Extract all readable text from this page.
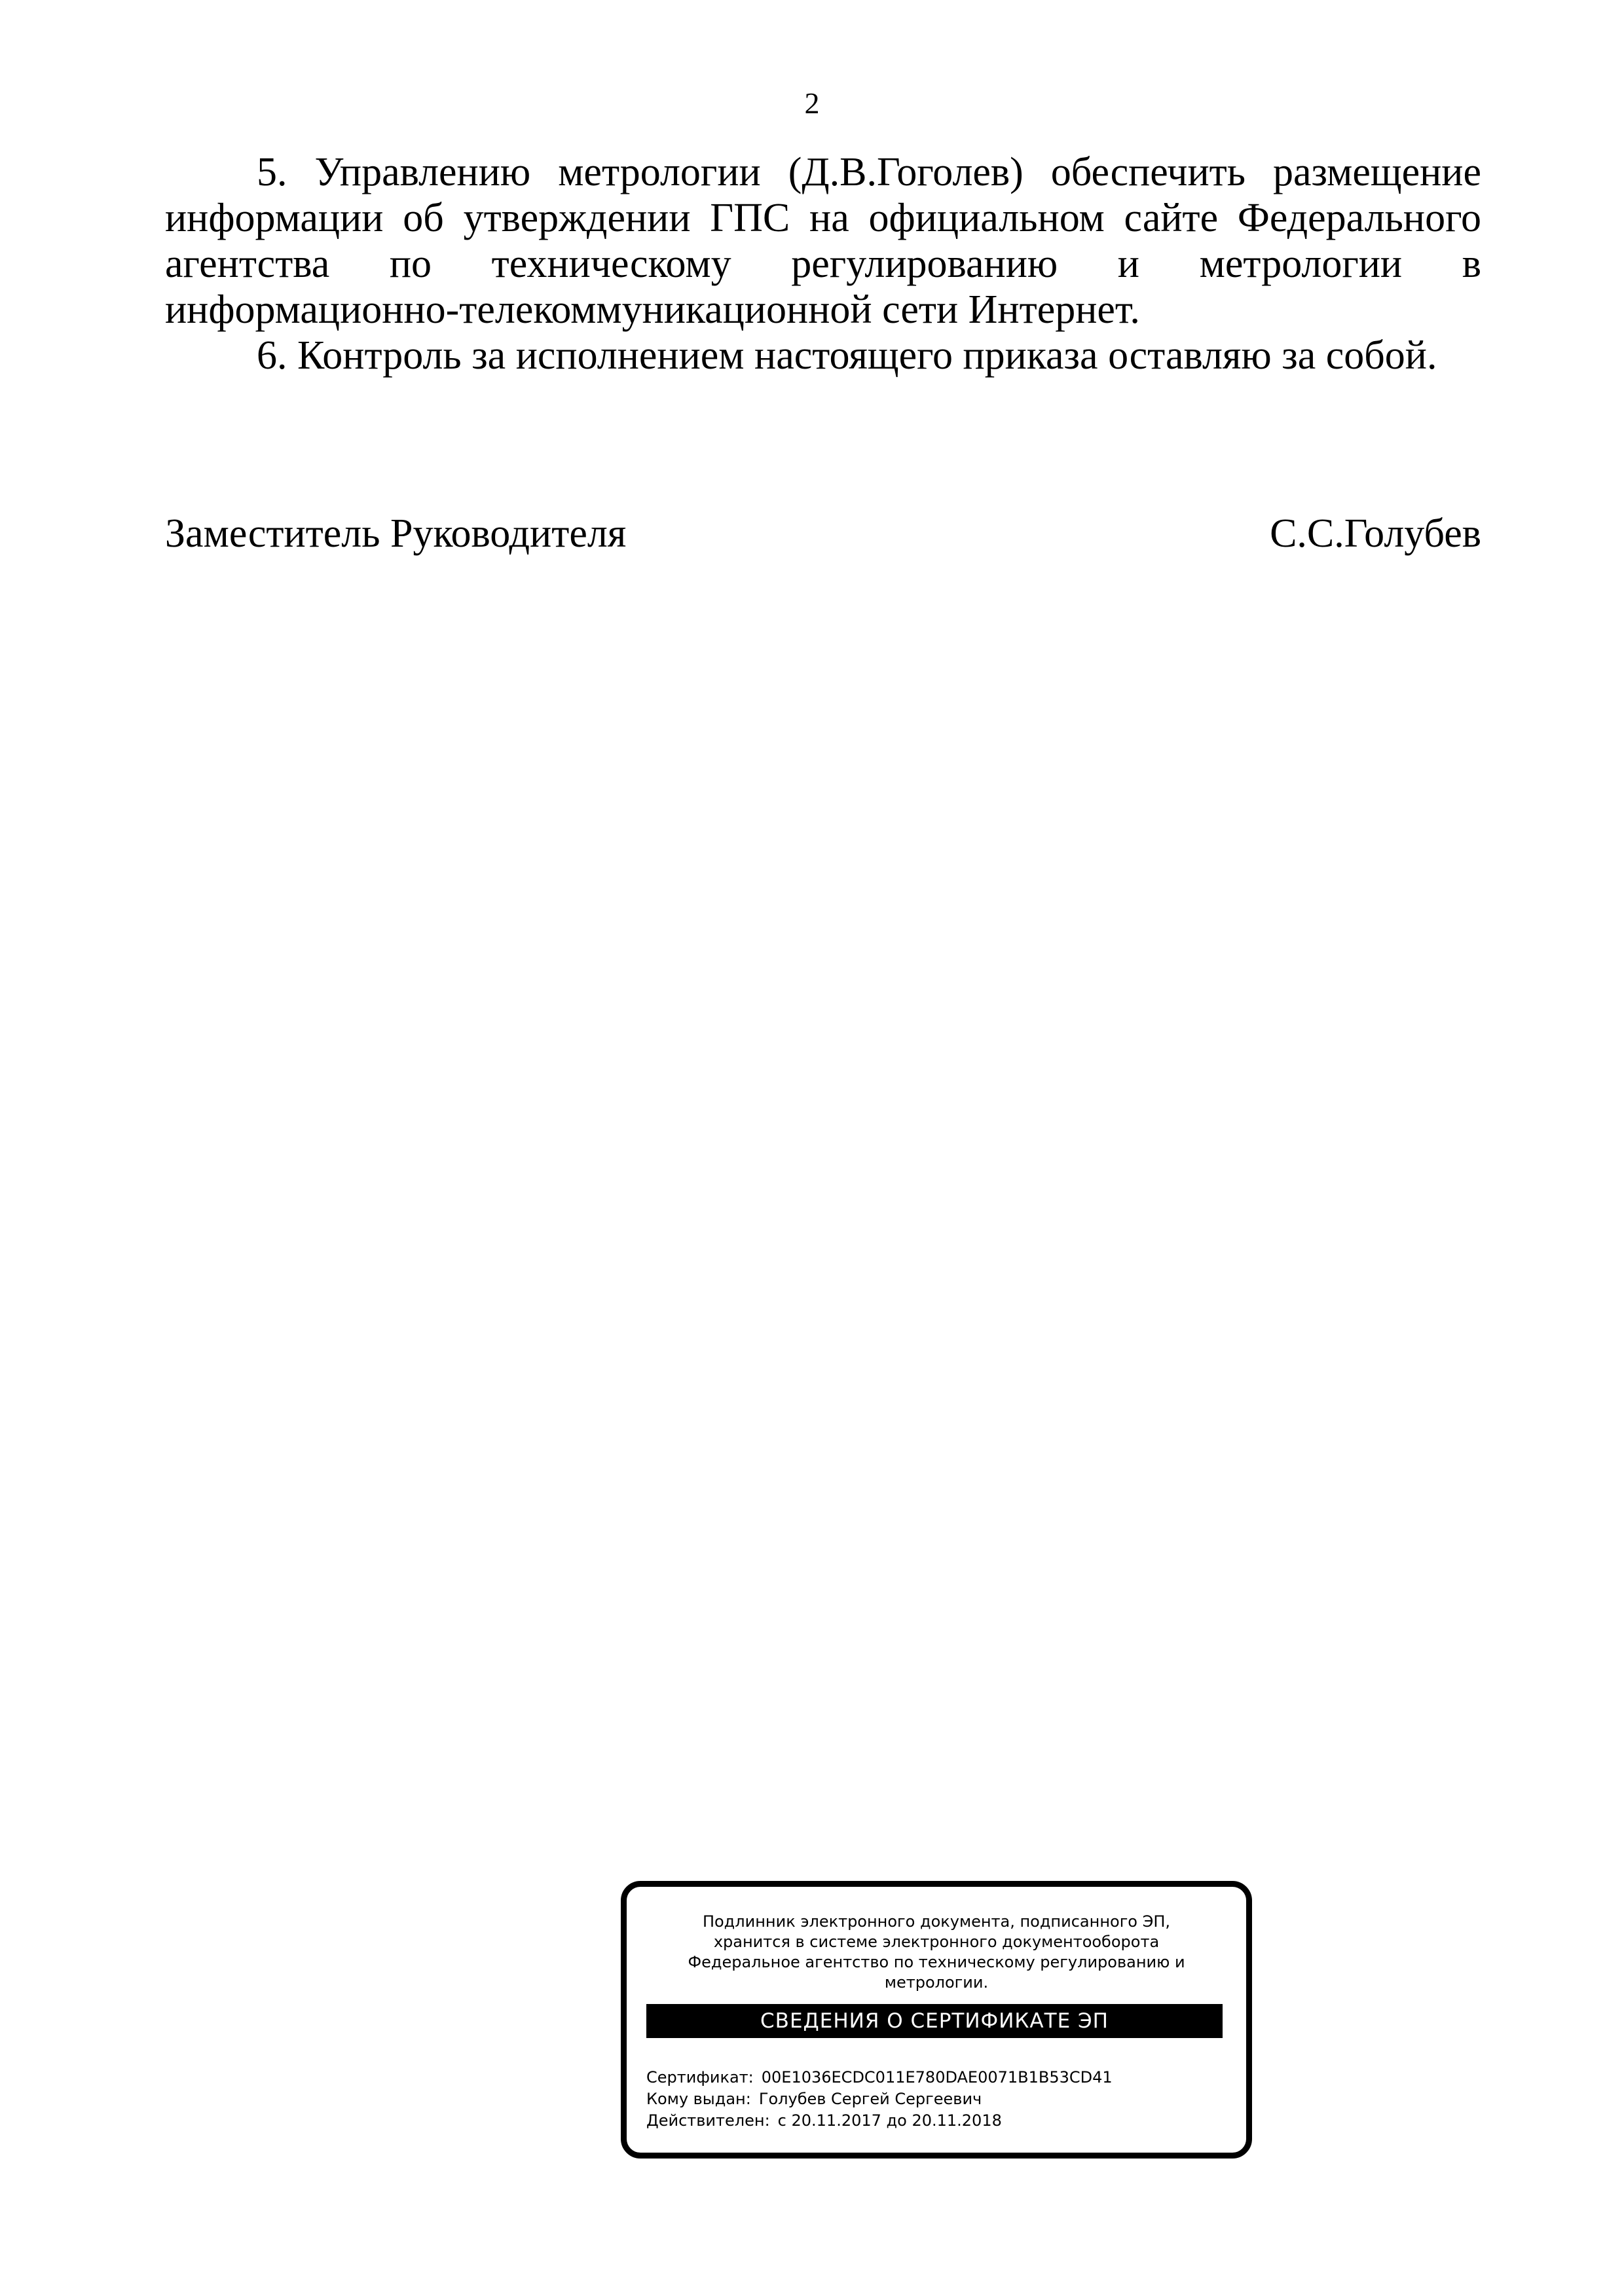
2

5. Управлению метрологии (Д.В.Гоголев) обеспечить размещение информации об утверждении ГПС на официальном сайте Федерального агентства по техническому регулированию и метрологии в информационно-телекоммуникационной сети Интернет.

6. Контроль за исполнением настоящего приказа оставляю за собой.

Заместитель Руководителя	С.С.Голубев
Подлинник электронного документа, подписанного ЭП,
хранится в системе электронного документооборота
Федеральное агентство по техническому регулированию и
метрологии.
СВЕДЕНИЯ О СЕРТИФИКАТЕ ЭП
Сертификат: 00E1036ECDC011E780DAE0071B1B53CD41
Кому выдан: Голубев Сергей Сергеевич
Действителен: с 20.11.2017 до 20.11.2018
